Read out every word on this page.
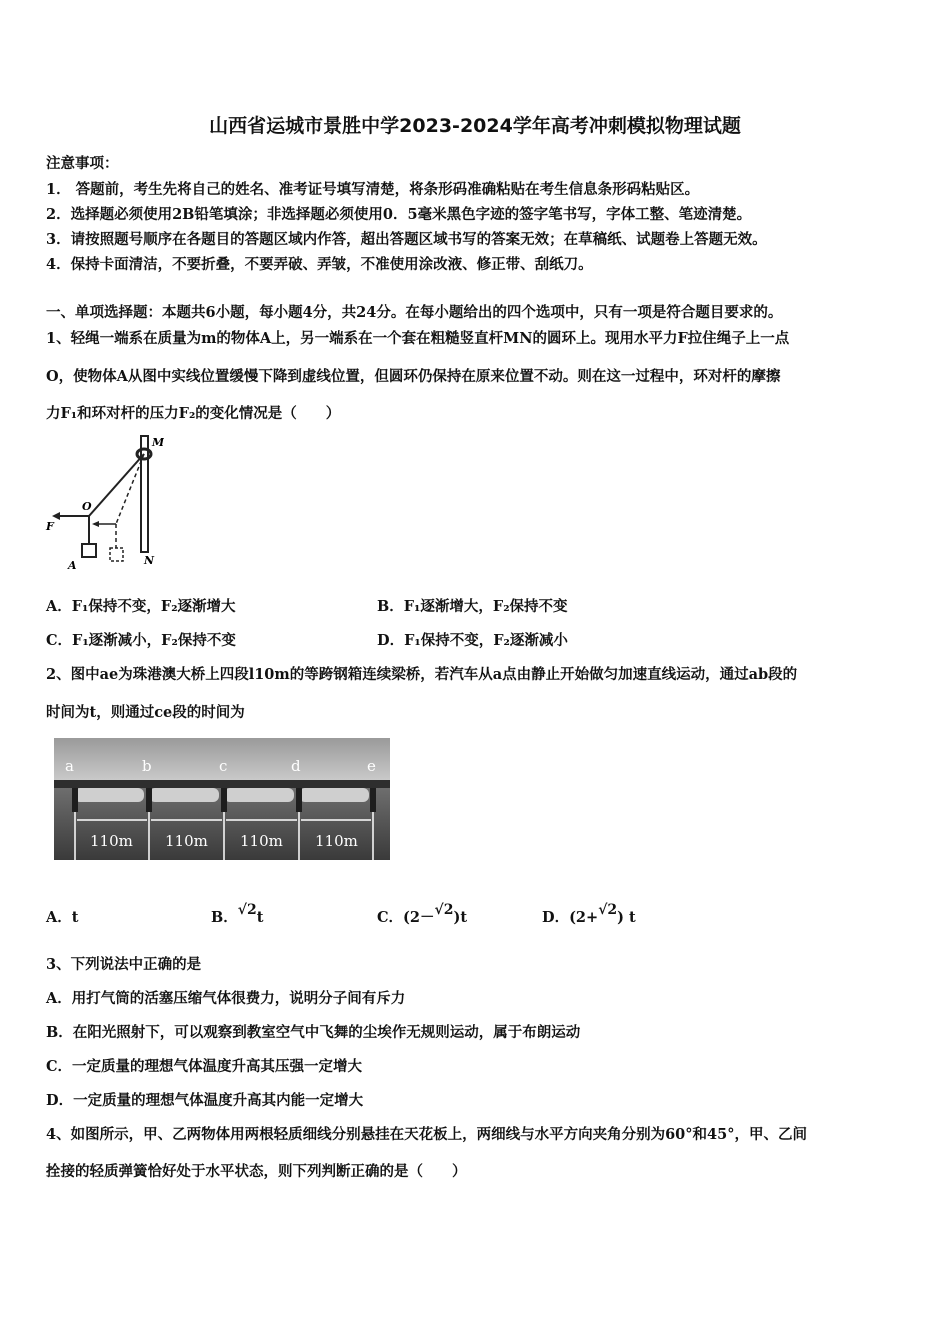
山西省运城市景胜中学2023-2024学年高考冲刺模拟物理试题
注意事项：
1． 答题前，考生先将自己的姓名、准考证号填写清楚，将条形码准确粘贴在考生信息条形码粘贴区。
2．选择题必须使用2B铅笔填涂；非选择题必须使用0．5毫米黑色字迹的签字笔书写，字体工整、笔迹清楚。
3．请按照题号顺序在各题目的答题区域内作答，超出答题区域书写的答案无效；在草稿纸、试题卷上答题无效。
4．保持卡面清洁，不要折叠，不要弄破、弄皱，不准使用涂改液、修正带、刮纸刀。
一、单项选择题：本题共6小题，每小题4分，共24分。在每小题给出的四个选项中，只有一项是符合题目要求的。
1、轻绳一端系在质量为m的物体A上，另一端系在一个套在粗糙竖直杆MN的圆环上。现用水平力F拉住绳子上一点
O，使物体A从图中实线位置缓慢下降到虚线位置，但圆环仍保持在原来位置不动。则在这一过程中，环对杆的摩擦
力F₁和环对杆的压力F₂的变化情况是（　　）
M
N
O
F
A
A．F₁保持不变，F₂逐渐增大	B．F₁逐渐增大，F₂保持不变
C．F₁逐渐减小，F₂保持不变	D．F₁保持不变，F₂逐渐减小
2、图中ae为珠港澳大桥上四段l10m的等跨钢箱连续梁桥，若汽车从a点由静止开始做匀加速直线运动，通过ab段的
时间为t，则通过ce段的时间为
a	b	c	d	e
110m 110m 110m 110m
A．t	B．√2t	C．(2－√2)t	D．(2+√2) t
3、下列说法中正确的是
A．用打气筒的活塞压缩气体很费力，说明分子间有斥力
B．在阳光照射下，可以观察到教室空气中飞舞的尘埃作无规则运动，属于布朗运动
C．一定质量的理想气体温度升高其压强一定增大
D．一定质量的理想气体温度升高其内能一定增大
4、如图所示，甲、乙两物体用两根轻质细线分别悬挂在天花板上，两细线与水平方向夹角分别为60°和45°，甲、乙间
拴接的轻质弹簧恰好处于水平状态，则下列判断正确的是（　　）
